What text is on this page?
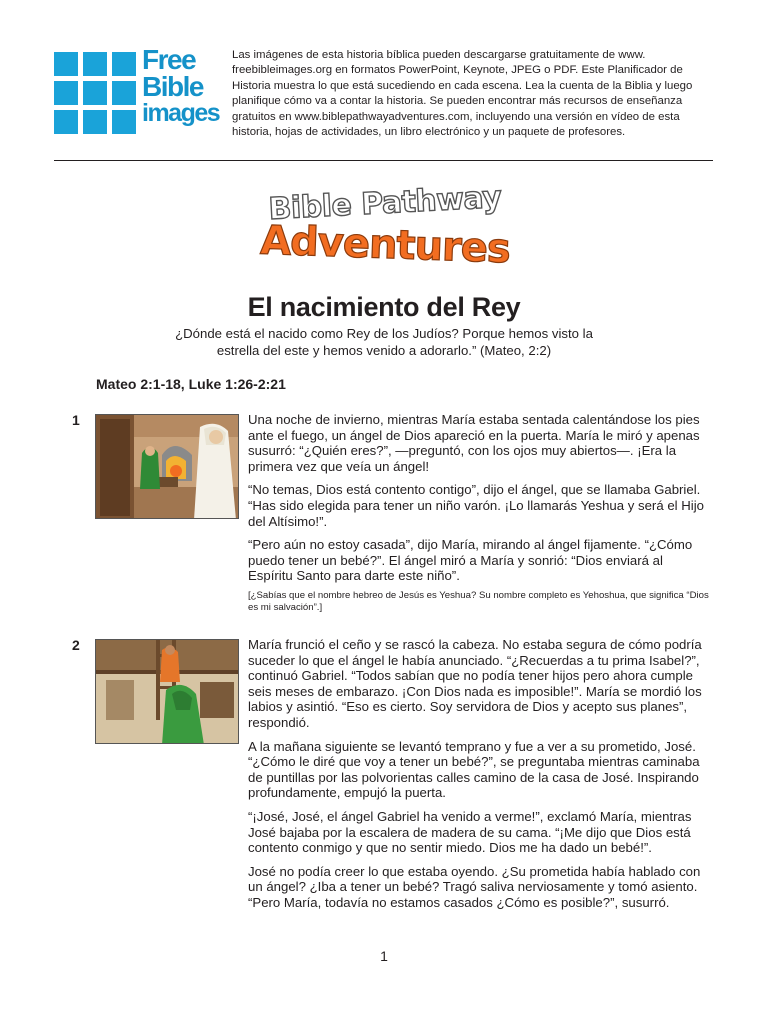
Free
Bible
images
Las imágenes de esta historia bíblica pueden descargarse gratuitamente de www. freebibleimages.org en formatos PowerPoint, Keynote, JPEG o PDF. Este Planificador de Historia muestra lo que está sucediendo en cada escena. Lea la cuenta de la Biblia y luego planifique cómo va a contar la historia. Se pueden encontrar más recursos de enseñanza gratuitos en www.biblepathwayadventures.com, incluyendo una versión en vídeo de esta historia, hojas de actividades, un libro electrónico y un paquete de profesores.
Bible Pathway
Adventures
El nacimiento del Rey
¿Dónde está el nacido como Rey de los Judíos? Porque hemos visto la estrella del este y hemos venido a adorarlo.” (Mateo, 2:2)
Mateo 2:1-18, Luke 1:26-2:21
1	Una noche de invierno, mientras María estaba sentada calentándose los pies ante el fuego, un ángel de Dios apareció en la puerta. María le miró y apenas susurró: “¿Quién eres?”, —preguntó, con los ojos muy abiertos—. ¡Era la primera vez que veía un ángel!

“No temas, Dios está contento contigo”, dijo el ángel, que se llamaba Gabriel. “Has sido elegida para tener un niño varón. ¡Lo llamarás Yeshua y será el Hijo del Altísimo!”.

“Pero aún no estoy casada”, dijo María, mirando al ángel fijamente. “¿Cómo puedo tener un bebé?”. El ángel miró a María y sonrió: “Dios enviará al Espíritu Santo para darte este niño”.

[¿Sabías que el nombre hebreo de Jesús es Yeshua? Su nombre completo es Yehoshua, que significa “Dios es mi salvación”.]

2	María frunció el ceño y se rascó la cabeza. No estaba segura de cómo podría suceder lo que el ángel le había anunciado. “¿Recuerdas a tu prima Isabel?”, continuó Gabriel. “Todos sabían que no podía tener hijos pero ahora cumple seis meses de embarazo. ¡Con Dios nada es imposible!”. María se mordió los labios y asintió. “Eso es cierto. Soy servidora de Dios y acepto sus planes”, respondió.

A la mañana siguiente se levantó temprano y fue a ver a su prometido, José. “¿Cómo le diré que voy a tener un bebé?”, se preguntaba mientras caminaba de puntillas por las polvorientas calles camino de la casa de José. Inspirando profundamente, empujó la puerta.

“¡José, José, el ángel Gabriel ha venido a verme!”, exclamó María, mientras José bajaba por la escalera de madera de su cama. “¡Me dijo que Dios está contento conmigo y que no sentir miedo. Dios me ha dado un bebé!”.

José no podía creer lo que estaba oyendo. ¿Su prometida había hablado con un ángel? ¿Iba a tener un bebé? Tragó saliva nerviosamente y tomó asiento. “Pero María, todavía no estamos casados ¿Cómo es posible?”, susurró.

1
